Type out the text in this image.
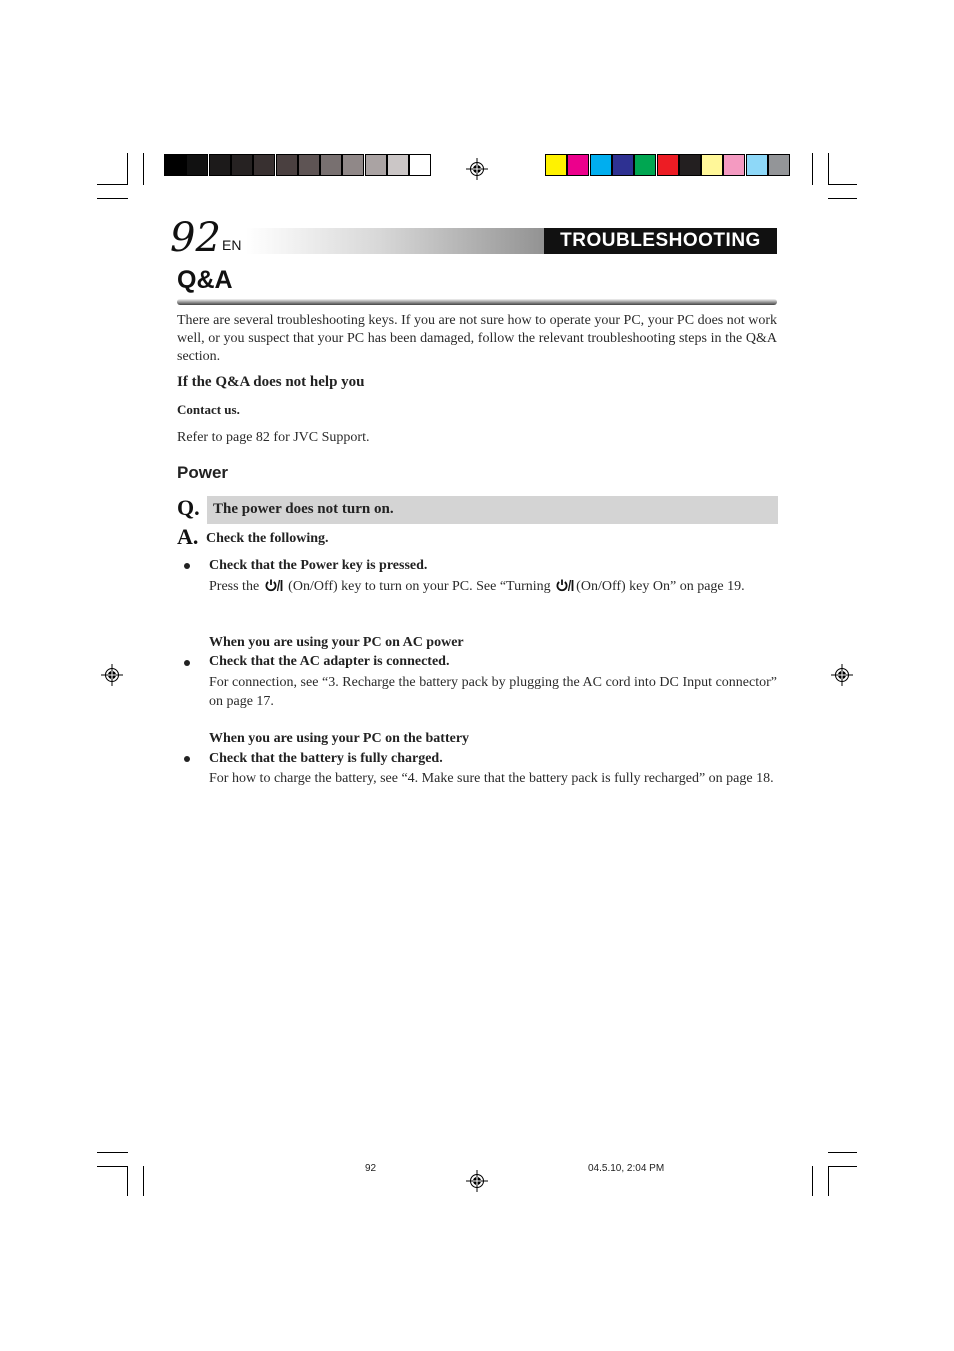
92 EN	TROUBLESHOOTING
Q&A
There are several troubleshooting keys. If you are not sure how to operate your PC, your PC does not work well, or you suspect that your PC has been damaged, follow the relevant troubleshooting steps in the Q&A section.
If the Q&A does not help you
Contact us.
Refer to page 82 for JVC Support.
Power
Q. The power does not turn on.
A. Check the following.
Check that the Power key is pressed.
Press the (On/Off) key to turn on your PC. See “Turning (On/Off) key On” on page 19.
When you are using your PC on AC power
Check that the AC adapter is connected.
For connection, see “3. Recharge the battery pack by plugging the AC cord into DC Input connector” on page 17.
When you are using your PC on the battery
Check that the battery is fully charged.
For how to charge the battery, see “4. Make sure that the battery pack is fully recharged” on page 18.
92	04.5.10, 2:04 PM
